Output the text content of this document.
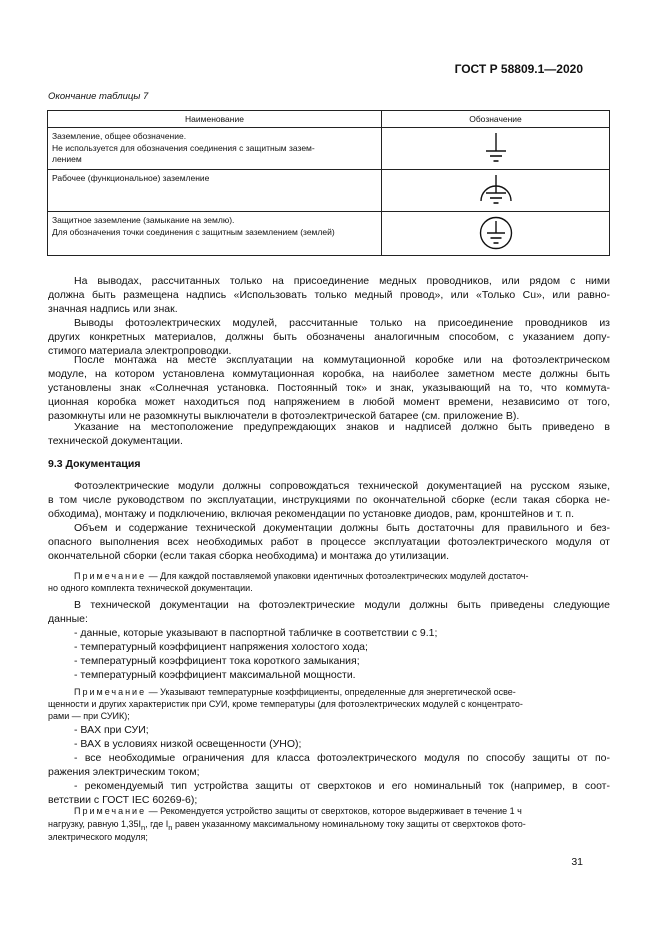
ГОСТ Р 58809.1—2020
Окончание таблицы 7
Наименование	Обозначение

Заземление, общее обозначение.
Не используется для обозначения соединения с защитным зазем-
лением

Рабочее (функциональное) заземление

Защитное заземление (замыкание на землю).
Для обозначения точки соединения с защитным заземлением (землей)

На выводах, рассчитанных только на присоединение медных проводников, или рядом с ними
должна быть размещена надпись «Использовать только медный провод», или «Только Cu», или равно-
значная надпись или знак.
Выводы фотоэлектрических модулей, рассчитанные только на присоединение проводников из
других конкретных материалов, должны быть обозначены аналогичным способом, с указанием допу-
стимого материала электропроводки.
После монтажа на месте эксплуатации на коммутационной коробке или на фотоэлектрическом
модуле, на котором установлена коммутационная коробка, на наиболее заметном месте должны быть
установлены знак «Солнечная установка. Постоянный ток» и знак, указывающий на то, что коммута-
ционная коробка может находиться под напряжением в любой момент времени, независимо от того,
разомкнуты или не разомкнуты выключатели в фотоэлектрической батарее (см. приложение В).
Указание на местоположение предупреждающих знаков и надписей должно быть приведено в
технической документации.
9.3 Документация
Фотоэлектрические модули должны сопровождаться технической документацией на русском языке,
в том числе руководством по эксплуатации, инструкциями по окончательной сборке (если такая сборка не-
обходима), монтажу и подключению, включая рекомендации по установке диодов, рам, кронштейнов и т. п.
Объем и содержание технической документации должны быть достаточны для правильного и без-
опасного выполнения всех необходимых работ в процессе эксплуатации фотоэлектрического модуля от
окончательной сборки (если такая сборка необходима) и монтажа до утилизации.
Примечание — Для каждой поставляемой упаковки идентичных фотоэлектрических модулей достаточ-
но одного комплекта технической документации.
В технической документации на фотоэлектрические модули должны быть приведены следующие
данные:
- данные, которые указывают в паспортной табличке в соответствии с 9.1;
- температурный коэффициент напряжения холостого хода;
- температурный коэффициент тока короткого замыкания;
- температурный коэффициент максимальной мощности.
Примечание — Указывают температурные коэффициенты, определенные для энергетической осве-
щенности и других характеристик при СУИ, кроме температуры (для фотоэлектрических модулей с концентрато-
рами — при СУИК);
- ВАХ при СУИ;
- ВАХ в условиях низкой освещенности (УНО);
- все необходимые ограничения для класса фотоэлектрического модуля по способу защиты от по-
ражения электрическим током;
- рекомендуемый тип устройства защиты от сверхтоков и его номинальный ток (например, в соот-
ветствии с ГОСТ IEC 60269-6);
Примечание — Рекомендуется устройство защиты от сверхтоков, которое выдерживает в течение 1 ч
нагрузку, равную $1,35I_n$, где $I_n$ равен указанному максимальному номинальному току защиты от сверхтоков фото-
электрического модуля;
31
